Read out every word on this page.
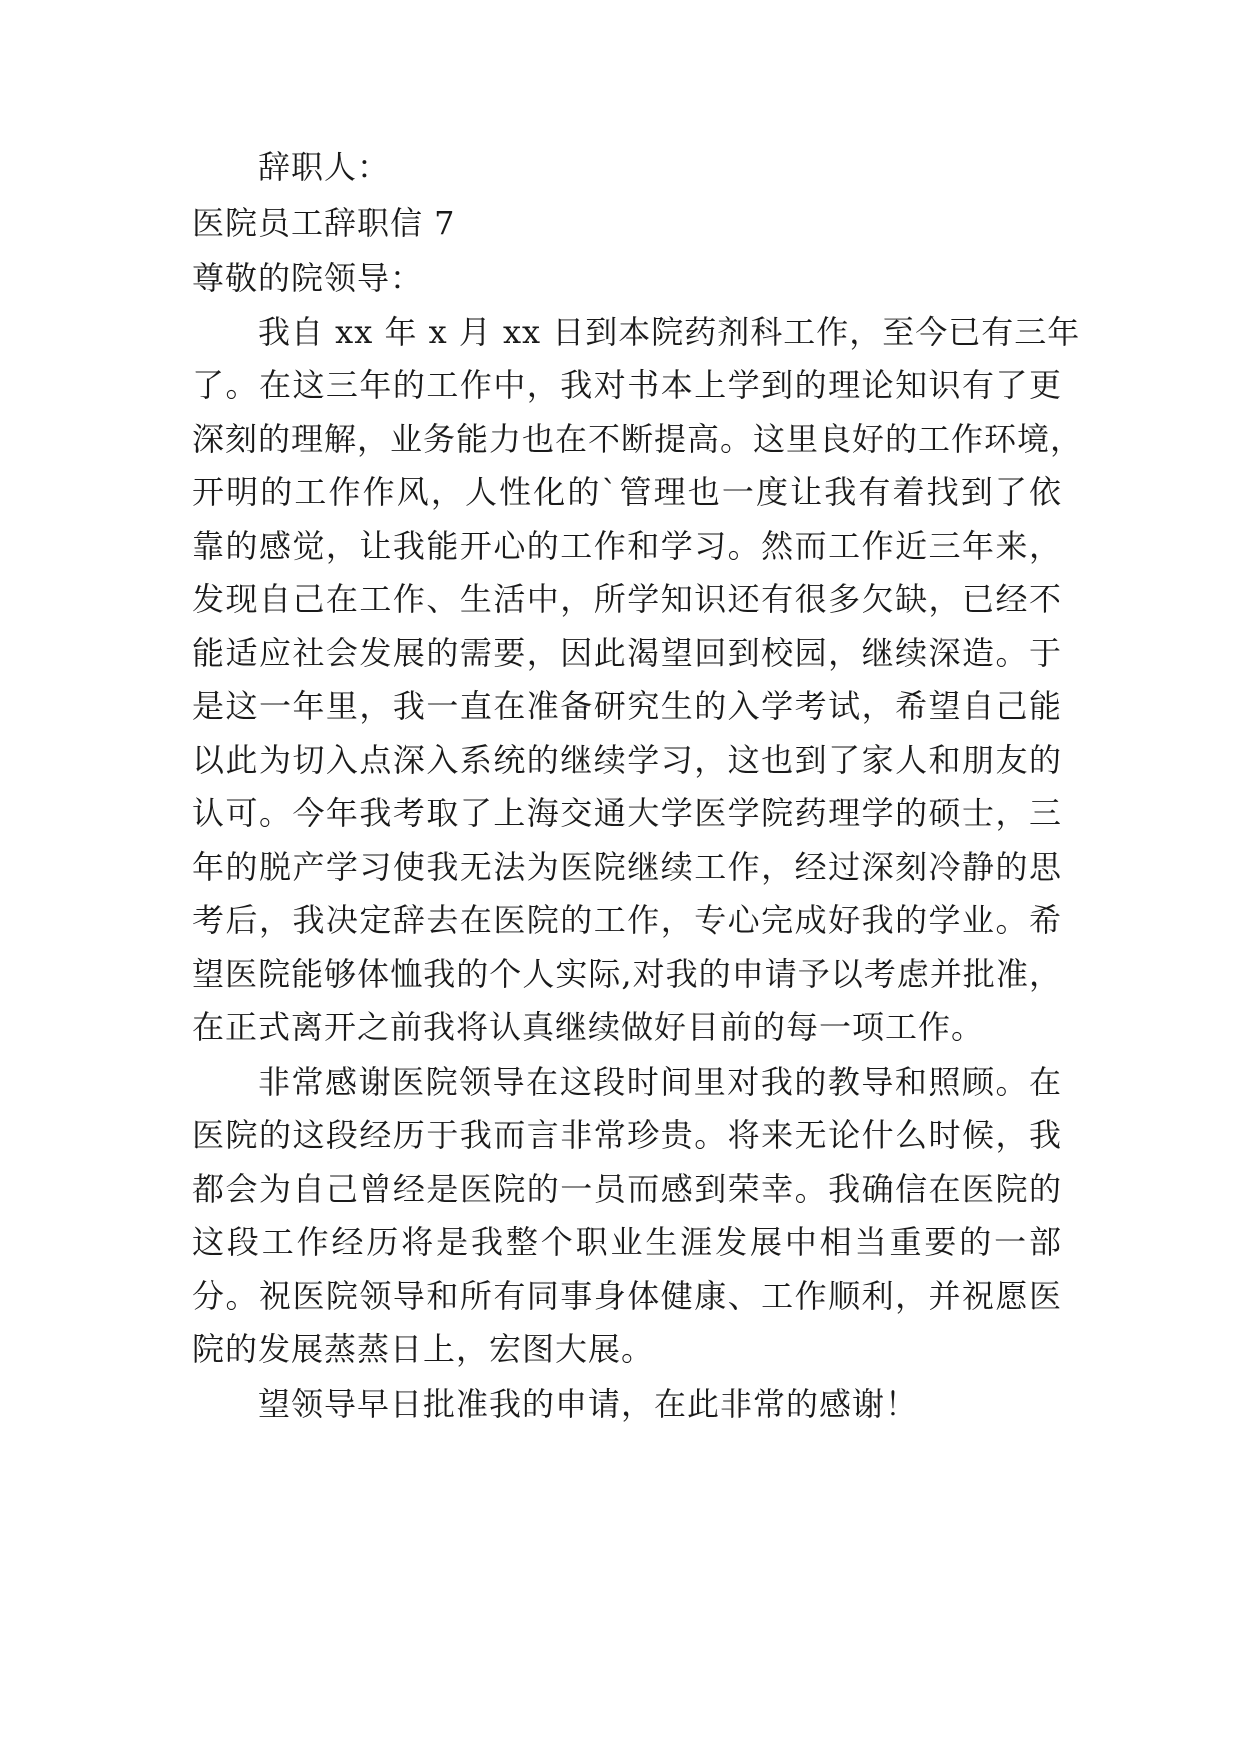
辞职人：
医院员工辞职信 7
尊敬的院领导：
我自 xx 年 x 月 xx 日到本院药剂科工作，至今已有三年
了。在这三年的工作中，我对书本上学到的理论知识有了更
深刻的理解，业务能力也在不断提高。这里良好的工作环境，
开明的工作作风，人性化的`管理也一度让我有着找到了依
靠的感觉，让我能开心的工作和学习。然而工作近三年来，
发现自己在工作、生活中，所学知识还有很多欠缺，已经不
能适应社会发展的需要，因此渴望回到校园，继续深造。于
是这一年里，我一直在准备研究生的入学考试，希望自己能
以此为切入点深入系统的继续学习，这也到了家人和朋友的
认可。今年我考取了上海交通大学医学院药理学的硕士，三
年的脱产学习使我无法为医院继续工作，经过深刻冷静的思
考后，我决定辞去在医院的工作，专心完成好我的学业。希
望医院能够体恤我的个人实际,对我的申请予以考虑并批准，
在正式离开之前我将认真继续做好目前的每一项工作。
非常感谢医院领导在这段时间里对我的教导和照顾。在
医院的这段经历于我而言非常珍贵。将来无论什么时候，我
都会为自己曾经是医院的一员而感到荣幸。我确信在医院的
这段工作经历将是我整个职业生涯发展中相当重要的一部
分。祝医院领导和所有同事身体健康、工作顺利，并祝愿医
院的发展蒸蒸日上，宏图大展。
望领导早日批准我的申请，在此非常的感谢！
